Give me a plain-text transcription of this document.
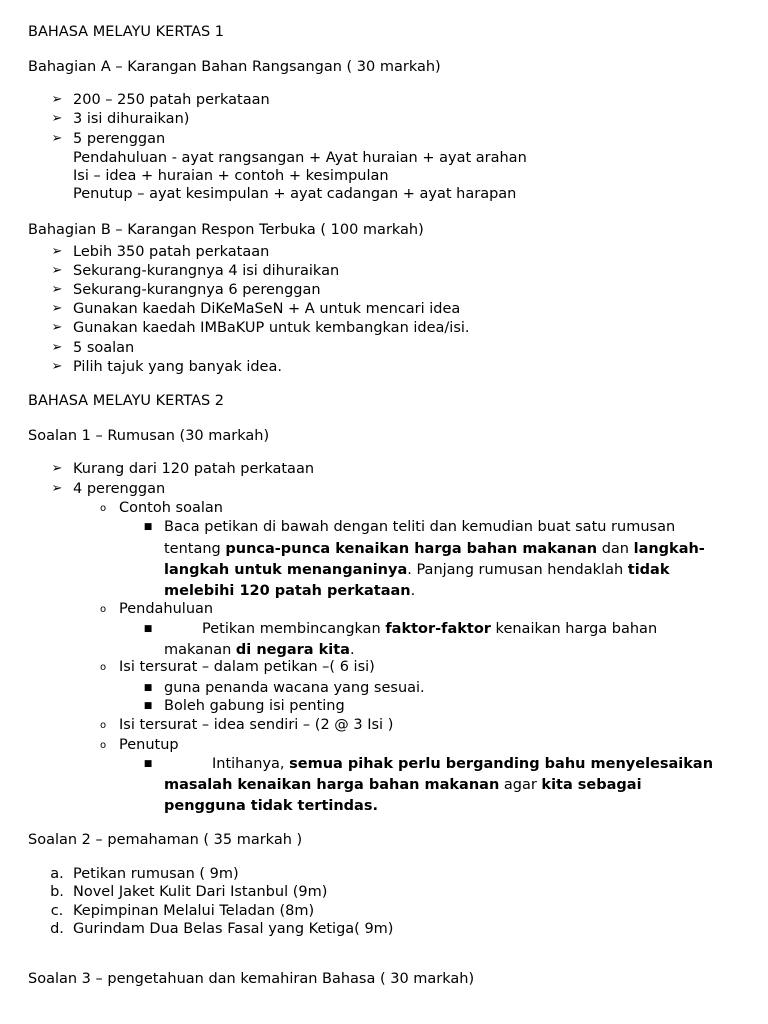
BAHASA MELAYU KERTAS 1
Bahagian A – Karangan Bahan Rangsangan ( 30 markah)
➢ 200 – 250 patah perkataan
➢ 3 isi dihuraikan)
➢ 5 perenggan
Pendahuluan - ayat rangsangan + Ayat huraian + ayat arahan
Isi – idea + huraian + contoh + kesimpulan
Penutup – ayat kesimpulan + ayat cadangan + ayat harapan
Bahagian B – Karangan Respon Terbuka ( 100 markah)
➢ Lebih 350 patah perkataan
➢ Sekurang-kurangnya 4 isi dihuraikan
➢ Sekurang-kurangnya 6 perenggan
➢ Gunakan kaedah DiKeMaSeN + A untuk mencari idea
➢ Gunakan kaedah IMBaKUP untuk kembangkan idea/isi.
➢ 5 soalan
➢ Pilih tajuk yang banyak idea.
BAHASA MELAYU KERTAS 2
Soalan 1 – Rumusan (30 markah)
➢ Kurang dari 120 patah perkataan
➢ 4 perenggan
o Contoh soalan
■ Baca petikan di bawah dengan teliti dan kemudian buat satu rumusan
tentang punca-punca kenaikan harga bahan makanan dan langkah-
langkah untuk menanganinya. Panjang rumusan hendaklah tidak
melebihi 120 patah perkataan.
o Pendahuluan
■	Petikan membincangkan faktor-faktor kenaikan harga bahan
makanan di negara kita.
o Isi tersurat – dalam petikan –( 6 isi)
■ guna penanda wacana yang sesuai.
■ Boleh gabung isi penting
o Isi tersurat – idea sendiri – (2 @ 3 Isi )
o Penutup
■	Intihanya, semua pihak perlu berganding bahu menyelesaikan
masalah kenaikan harga bahan makanan agar kita sebagai
pengguna tidak tertindas.
Soalan 2 – pemahaman ( 35 markah )
a. Petikan rumusan ( 9m)
b. Novel Jaket Kulit Dari Istanbul (9m)
c. Kepimpinan Melalui Teladan (8m)
d. Gurindam Dua Belas Fasal yang Ketiga( 9m)
Soalan 3 – pengetahuan dan kemahiran Bahasa ( 30 markah)
